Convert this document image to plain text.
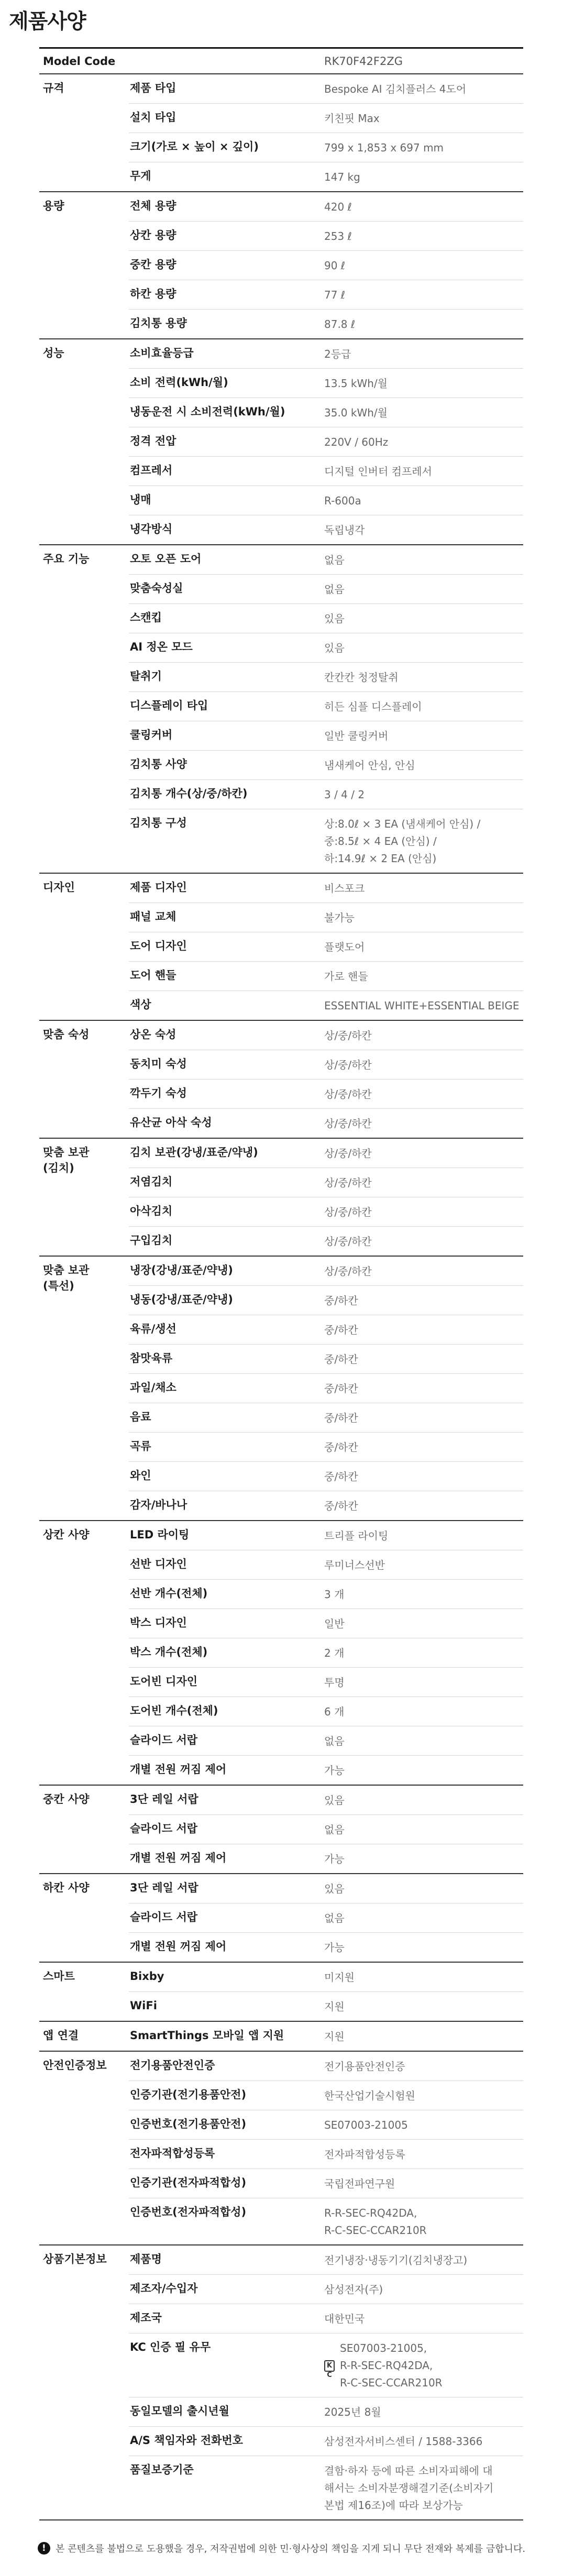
제품사양
Model Code	RK70F42F2ZG
규격	제품 타입	Bespoke AI 김치플러스 4도어
설치 타입	키친핏 Max
크기(가로 × 높이 × 깊이)	799 x 1,853 x 697 mm
무게	147 kg
용량	전체 용량	420 ℓ
상칸 용량	253 ℓ
중칸 용량	90 ℓ
하칸 용량	77 ℓ
김치통 용량	87.8 ℓ
성능	소비효율등급	2등급
소비 전력(kWh/월)	13.5 kWh/월
냉동운전 시 소비전력(kWh/월)	35.0 kWh/월
정격 전압	220V / 60Hz
컴프레서	디지털 인버터 컴프레서
냉매	R-600a
냉각방식	독립냉각
주요 기능	오토 오픈 도어	없음
맞춤숙성실	없음
스캔킵	있음
AI 정온 모드	있음
탈취기	칸칸칸 청정탈취
디스플레이 타입	히든 심플 디스플레이
쿨링커버	일반 쿨링커버
김치통 사양	냄새케어 안심, 안심
김치통 개수(상/중/하칸)	3 / 4 / 2
김치통 구성	상:8.0ℓ × 3 EA (냄새케어 안심) /
중:8.5ℓ × 4 EA (안심) /
하:14.9ℓ × 2 EA (안심)
디자인	제품 디자인	비스포크
패널 교체	불가능
도어 디자인	플랫도어
도어 핸들	가로 핸들
색상	ESSENTIAL WHITE+ESSENTIAL BEIGE
맞춤 숙성	상온 숙성	상/중/하칸
동치미 숙성	상/중/하칸
깍두기 숙성	상/중/하칸
유산균 아삭 숙성	상/중/하칸
맞춤 보관
(김치)
김치 보관(강냉/표준/약냉)	상/중/하칸
저염김치	상/중/하칸
아삭김치	상/중/하칸
구입김치	상/중/하칸
맞춤 보관
(특선)
냉장(강냉/표준/약냉)	상/중/하칸
냉동(강냉/표준/약냉)	중/하칸
육류/생선	중/하칸
참맛육류	중/하칸
과일/채소	중/하칸
음료	중/하칸
곡류	중/하칸
와인	중/하칸
감자/바나나	중/하칸
상칸 사양	LED 라이팅	트리플 라이팅
선반 디자인	루미너스선반
선반 개수(전체)	3 개
박스 디자인	일반
박스 개수(전체)	2 개
도어빈 디자인	투명
도어빈 개수(전체)	6 개
슬라이드 서랍	없음
개별 전원 꺼짐 제어	가능
중칸 사양	3단 레일 서랍	있음
슬라이드 서랍	없음
개별 전원 꺼짐 제어	가능
하칸 사양	3단 레일 서랍	있음
슬라이드 서랍	없음
개별 전원 꺼짐 제어	가능
스마트	Bixby	미지원
WiFi	지원
앱 연결	SmartThings 모바일 앱 지원	지원
안전인증정보	전기용품안전인증	전기용품안전인증
인증기관(전기용품안전)	한국산업기술시험원
인증번호(전기용품안전)	SE07003-21005
전자파적합성등록	전자파적합성등록
인증기관(전자파적합성)	국립전파연구원
인증번호(전자파적합성)	R-R-SEC-RQ42DA,
R-C-SEC-CCAR210R
상품기본정보	제품명	전기냉장·냉동기기(김치냉장고)
제조자/수입자	삼성전자(주)
제조국	대한민국
KC 인증 필 유무	SE07003-21005,
KC
R-R-SEC-RQ42DA,
R-C-SEC-CCAR210R
동일모델의 출시년월	2025년 8월
A/S 책임자와 전화번호	삼성전자서비스센터 / 1588-3366
품질보증기준	결함·하자 등에 따른 소비자피해에 대
해서는 소비자분쟁해결기준(소비자기
본법 제16조)에 따라 보상가능
!	본 콘텐츠를 불법으로 도용했을 경우, 저작권법에 의한 민·형사상의 책임을 지게 되니 무단 전재와 복제를 금합니다.
